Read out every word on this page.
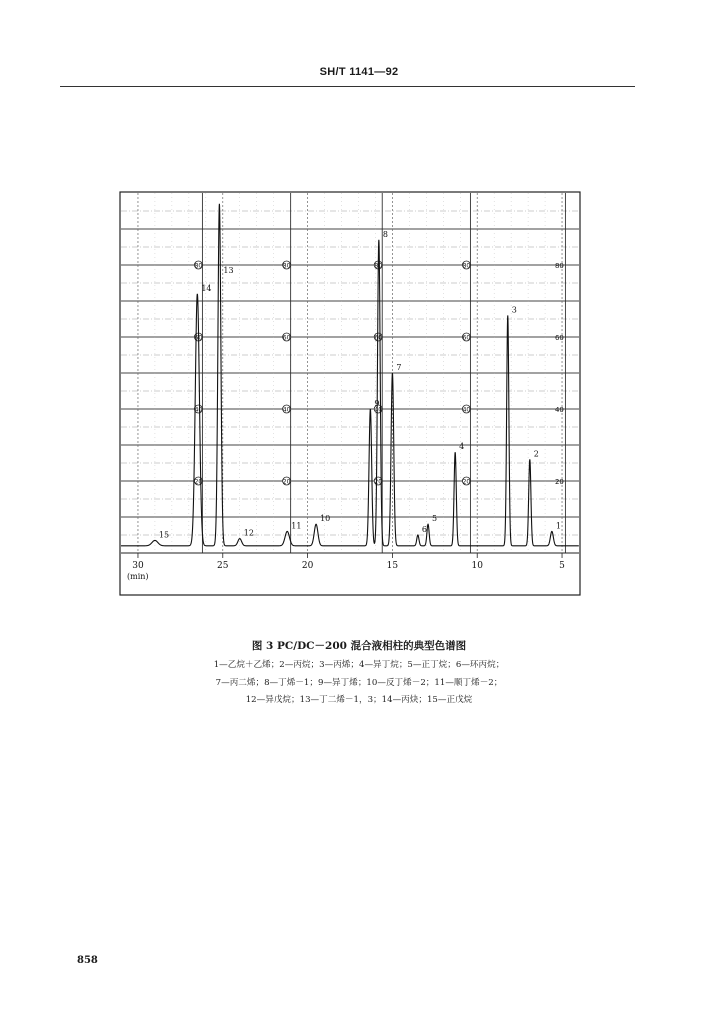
SH/T 1141—92
80
60
40
20
80
60
40
20
80
60
40
20
80
60
40
20
80
60
40
20
30	25	20	15	10	5
(min)
15
14
13
12
11
10
9
8
7
6
5
4
3
2
1
图 3 PC/DC－200 混合液相柱的典型色谱图
1—乙烷＋乙烯；2—丙烷；3—丙烯；4—异丁烷；5—正丁烷；6—环丙烷；
7—丙二烯；8—丁烯－1；9—异丁烯；10—反丁烯－2；11—顺丁烯－2；
12—异戊烷；13—丁二烯－1，3；14—丙炔；15—正戊烷
858
